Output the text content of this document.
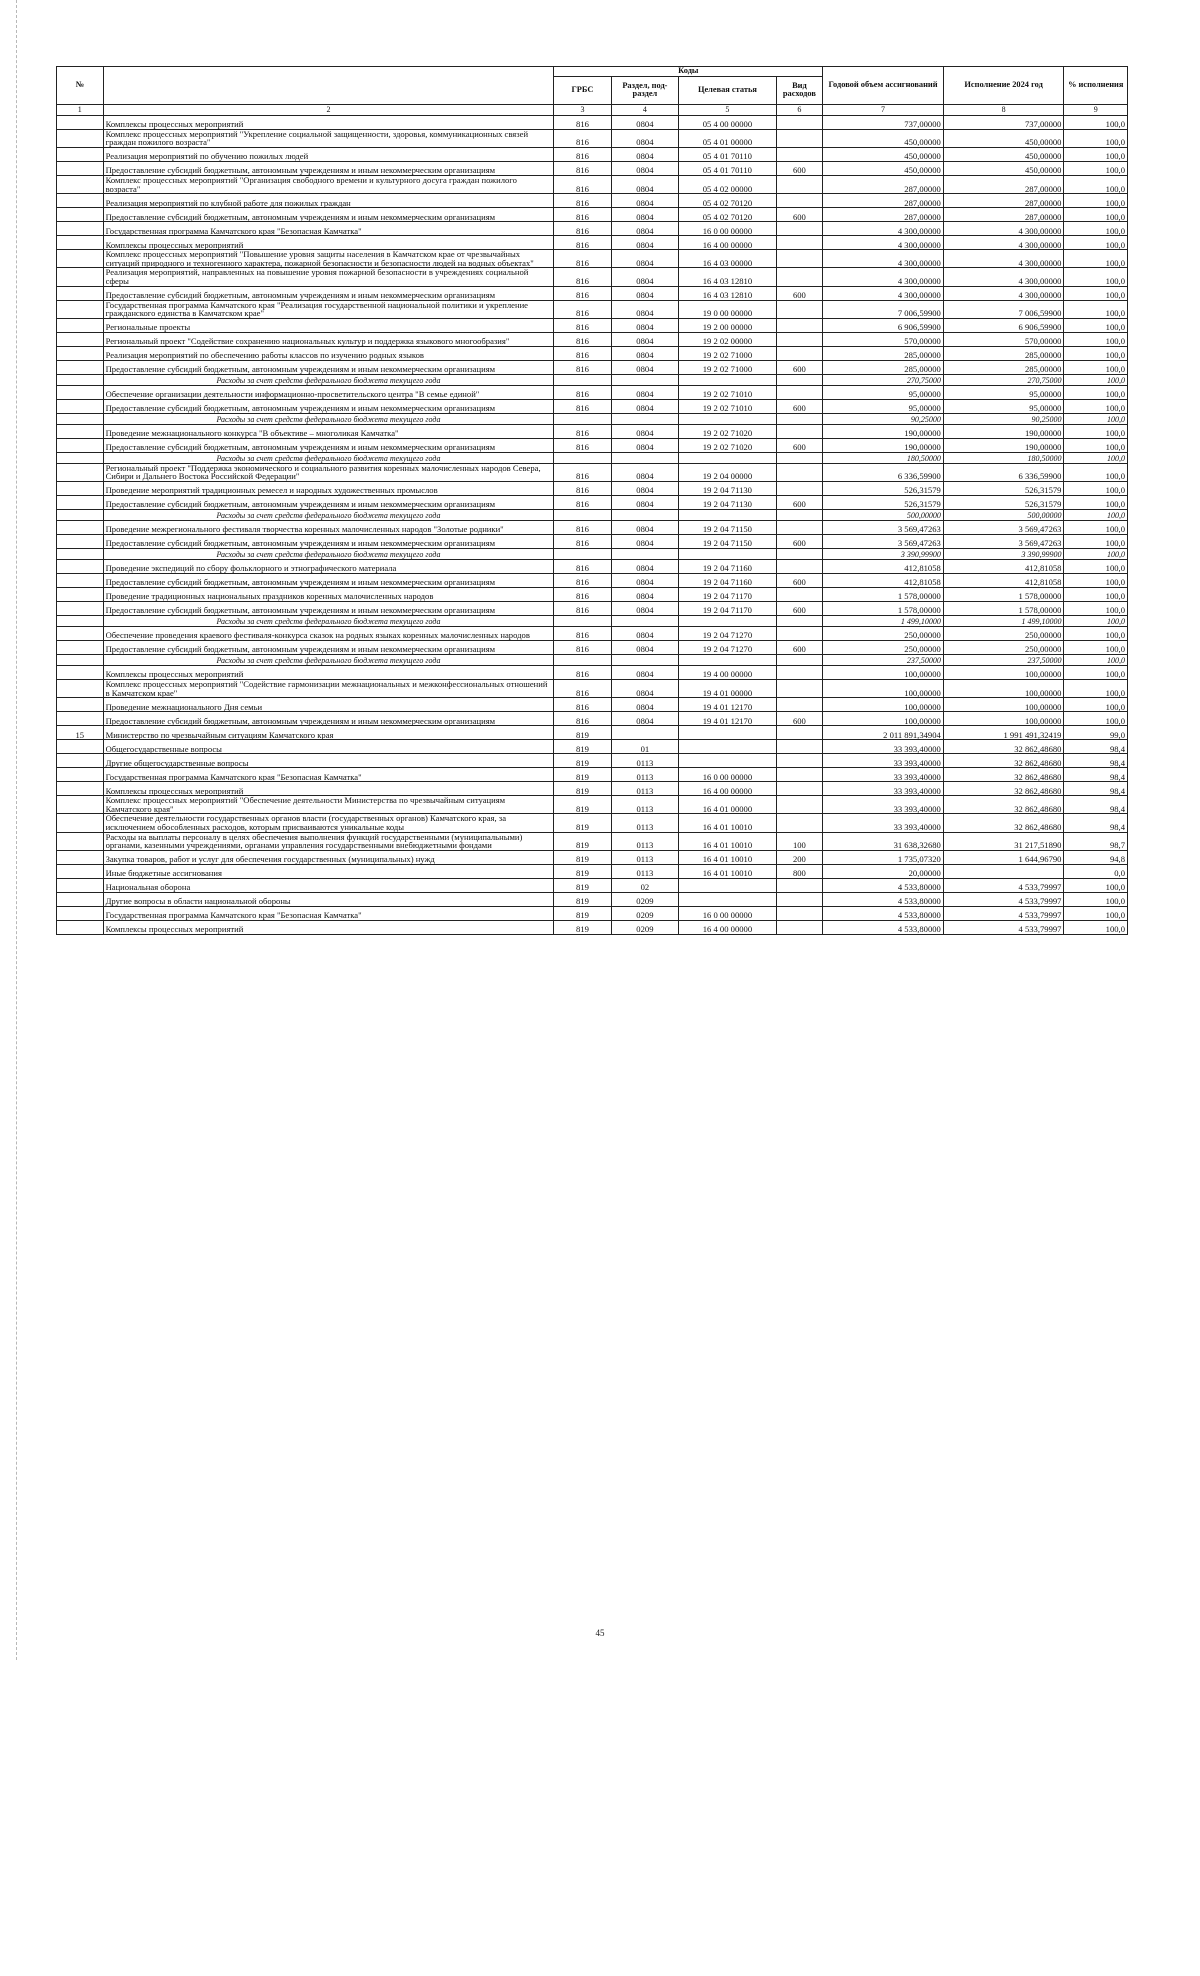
№		Коды				Годовой объем ассигнований	Исполнение 2024 год	% исполнения
		ГРБС	Раздел, под-раздел	Целевая статья	Вид расходов			
1	2	3	4	5	6	7	8	9
	Комплексы процессных мероприятий	816	0804	05 4 00 00000		737,00000	737,00000	100,0
	Комплекс процессных мероприятий "Укрепление социальной защищенности, здоровья, коммуникационных связей граждан пожилого возраста"	816	0804	05 4 01 00000		450,00000	450,00000	100,0
	Реализация мероприятий по обучению пожилых людей	816	0804	05 4 01 70110		450,00000	450,00000	100,0
	Предоставление субсидий бюджетным, автономным учреждениям и иным некоммерческим организациям	816	0804	05 4 01 70110	600	450,00000	450,00000	100,0
	Комплекс процессных мероприятий "Организация свободного времени и культурного досуга граждан пожилого возраста"	816	0804	05 4 02 00000		287,00000	287,00000	100,0
	Реализация мероприятий по клубной работе для пожилых граждан	816	0804	05 4 02 70120		287,00000	287,00000	100,0
	Предоставление субсидий бюджетным, автономным учреждениям и иным некоммерческим организациям	816	0804	05 4 02 70120	600	287,00000	287,00000	100,0
	Государственная программа Камчатского края "Безопасная Камчатка"	816	0804	16 0 00 00000		4 300,00000	4 300,00000	100,0
	Комплексы процессных мероприятий	816	0804	16 4 00 00000		4 300,00000	4 300,00000	100,0
	Комплекс процессных мероприятий "Повышение уровня защиты населения в Камчатском крае от чрезвычайных ситуаций природного и техногенного характера, пожарной безопасности и безопасности людей на водных объектах"	816	0804	16 4 03 00000		4 300,00000	4 300,00000	100,0
	Реализация мероприятий, направленных на повышение уровня пожарной безопасности в учреждениях социальной сферы	816	0804	16 4 03 12810		4 300,00000	4 300,00000	100,0
	Предоставление субсидий бюджетным, автономным учреждениям и иным некоммерческим организациям	816	0804	16 4 03 12810	600	4 300,00000	4 300,00000	100,0
	Государственная программа Камчатского края "Реализация государственной национальной политики и укрепление гражданского единства в Камчатском крае"	816	0804	19 0 00 00000		7 006,59900	7 006,59900	100,0
	Региональные проекты	816	0804	19 2 00 00000		6 906,59900	6 906,59900	100,0
	Региональный проект "Содействие сохранению национальных культур и поддержка языкового многообразия"	816	0804	19 2 02 00000		570,00000	570,00000	100,0
	Реализация мероприятий по обеспечению работы классов по изучению родных языков	816	0804	19 2 02 71000		285,00000	285,00000	100,0
	Предоставление субсидий бюджетным, автономным учреждениям и иным некоммерческим организациям	816	0804	19 2 02 71000	600	285,00000	285,00000	100,0
	Расходы за счет средств федерального бюджета текущего года					270,75000	270,75000	100,0
	Обеспечение организации деятельности информационно-просветительского центра "В семье единой"	816	0804	19 2 02 71010		95,00000	95,00000	100,0
	Предоставление субсидий бюджетным, автономным учреждениям и иным некоммерческим организациям	816	0804	19 2 02 71010	600	95,00000	95,00000	100,0
	Расходы за счет средств федерального бюджета текущего года					90,25000	90,25000	100,0
	Проведение межнационального конкурса "В объективе – многоликая Камчатка"	816	0804	19 2 02 71020		190,00000	190,00000	100,0
	Предоставление субсидий бюджетным, автономным учреждениям и иным некоммерческим организациям	816	0804	19 2 02 71020	600	190,00000	190,00000	100,0
	Расходы за счет средств федерального бюджета текущего года					180,50000	180,50000	100,0
	Региональный проект "Поддержка экономического и социального развития коренных малочисленных народов Севера, Сибири и Дальнего Востока Российской Федерации"	816	0804	19 2 04 00000		6 336,59900	6 336,59900	100,0
	Проведение мероприятий традиционных ремесел и народных художественных промыслов	816	0804	19 2 04 71130		526,31579	526,31579	100,0
	Предоставление субсидий бюджетным, автономным учреждениям и иным некоммерческим организациям	816	0804	19 2 04 71130	600	526,31579	526,31579	100,0
	Расходы за счет средств федерального бюджета текущего года					500,00000	500,00000	100,0
	Проведение межрегионального фестиваля творчества коренных малочисленных народов "Золотые родники"	816	0804	19 2 04 71150		3 569,47263	3 569,47263	100,0
	Предоставление субсидий бюджетным, автономным учреждениям и иным некоммерческим организациям	816	0804	19 2 04 71150	600	3 569,47263	3 569,47263	100,0
	Расходы за счет средств федерального бюджета текущего года					3 390,99900	3 390,99900	100,0
	Проведение экспедиций по сбору фольклорного и этнографического материала	816	0804	19 2 04 71160		412,81058	412,81058	100,0
	Предоставление субсидий бюджетным, автономным учреждениям и иным некоммерческим организациям	816	0804	19 2 04 71160	600	412,81058	412,81058	100,0
	Проведение традиционных национальных праздников коренных малочисленных народов	816	0804	19 2 04 71170		1 578,00000	1 578,00000	100,0
	Предоставление субсидий бюджетным, автономным учреждениям и иным некоммерческим организациям	816	0804	19 2 04 71170	600	1 578,00000	1 578,00000	100,0
	Расходы за счет средств федерального бюджета текущего года					1 499,10000	1 499,10000	100,0
	Обеспечение проведения краевого фестиваля-конкурса сказок на родных языках коренных малочисленных народов	816	0804	19 2 04 71270		250,00000	250,00000	100,0
	Предоставление субсидий бюджетным, автономным учреждениям и иным некоммерческим организациям	816	0804	19 2 04 71270	600	250,00000	250,00000	100,0
	Расходы за счет средств федерального бюджета текущего года					237,50000	237,50000	100,0
	Комплексы процессных мероприятий	816	0804	19 4 00 00000		100,00000	100,00000	100,0
	Комплекс процессных мероприятий "Содействие гармонизации межнациональных и межконфессиональных отношений в Камчатском крае"	816	0804	19 4 01 00000		100,00000	100,00000	100,0
	Проведение межнационального Дня семьи	816	0804	19 4 01 12170		100,00000	100,00000	100,0
	Предоставление субсидий бюджетным, автономным учреждениям и иным некоммерческим организациям	816	0804	19 4 01 12170	600	100,00000	100,00000	100,0
15	Министерство по чрезвычайным ситуациям Камчатского края	819				2 011 891,34904	1 991 491,32419	99,0
	Общегосударственные вопросы	819	01			33 393,40000	32 862,48680	98,4
	Другие общегосударственные вопросы	819	0113			33 393,40000	32 862,48680	98,4
	Государственная программа Камчатского края "Безопасная Камчатка"	819	0113	16 0 00 00000		33 393,40000	32 862,48680	98,4
	Комплексы процессных мероприятий	819	0113	16 4 00 00000		33 393,40000	32 862,48680	98,4
	Комплекс процессных мероприятий "Обеспечение деятельности Министерства по чрезвычайным ситуациям Камчатского края"	819	0113	16 4 01 00000		33 393,40000	32 862,48680	98,4
	Обеспечение деятельности государственных органов власти (государственных органов) Камчатского края, за исключением обособленных расходов, которым присваиваются уникальные коды	819	0113	16 4 01 10010		33 393,40000	32 862,48680	98,4
	Расходы на выплаты персоналу в целях обеспечения выполнения функций государственными (муниципальными) органами, казенными учреждениями, органами управления государственными внебюджетными фондами	819	0113	16 4 01 10010	100	31 638,32680	31 217,51890	98,7
	Закупка товаров, работ и услуг для обеспечения государственных (муниципальных) нужд	819	0113	16 4 01 10010	200	1 735,07320	1 644,96790	94,8
	Иные бюджетные ассигнования	819	0113	16 4 01 10010	800	20,00000		0,0
	Национальная оборона	819	02			4 533,80000	4 533,79997	100,0
	Другие вопросы в области национальной обороны	819	0209			4 533,80000	4 533,79997	100,0
	Государственная программа Камчатского края "Безопасная Камчатка"	819	0209	16 0 00 00000		4 533,80000	4 533,79997	100,0
	Комплексы процессных мероприятий	819	0209	16 4 00 00000		4 533,80000	4 533,79997	100,0
45
